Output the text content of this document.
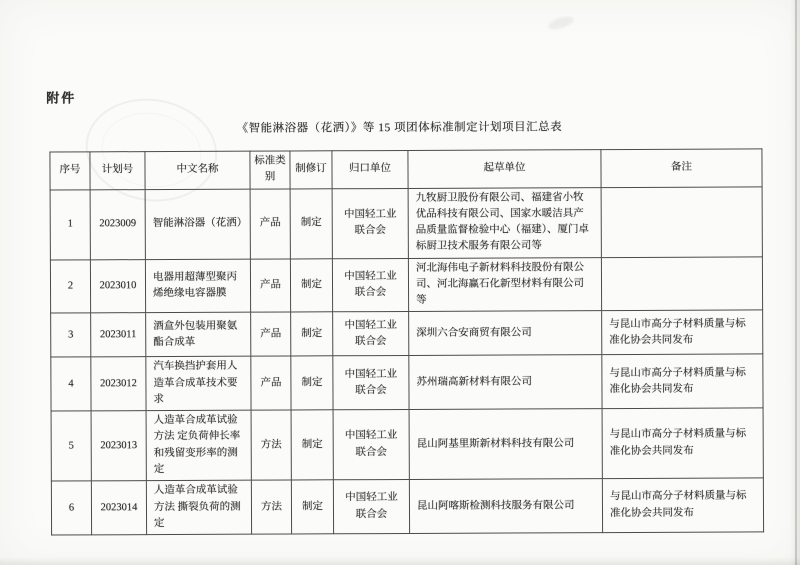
附件
《智能淋浴器（花洒）》等 15 项团体标准制定计划项目汇总表
序号	计划号	中文名称	标准类别	制修订	归口单位	起草单位	备注
1	2023009	智能淋浴器（花洒）	产品	制定	中国轻工业联合会	九牧厨卫股份有限公司、福建省小牧优品科技有限公司、国家水暖洁具产品质量监督检验中心（福建）、厦门卓标厨卫技术服务有限公司等	
2	2023010	电器用超薄型聚丙烯绝缘电容器膜	产品	制定	中国轻工业联合会	河北海伟电子新材料科技股份有限公司、河北海赢石化新型材料有限公司等	
3	2023011	酒盒外包装用聚氨酯合成革	产品	制定	中国轻工业联合会	深圳六合安商贸有限公司	与昆山市高分子材料质量与标准化协会共同发布
4	2023012	汽车换挡护套用人造革合成革技术要求	产品	制定	中国轻工业联合会	苏州瑞高新材料有限公司	与昆山市高分子材料质量与标准化协会共同发布
5	2023013	人造革合成革试验方法 定负荷伸长率和残留变形率的测定	方法	制定	中国轻工业联合会	昆山阿基里斯新材料科技有限公司	与昆山市高分子材料质量与标准化协会共同发布
6	2023014	人造革合成革试验方法 撕裂负荷的测定	方法	制定	中国轻工业联合会	昆山阿喀斯检测科技服务有限公司	与昆山市高分子材料质量与标准化协会共同发布
